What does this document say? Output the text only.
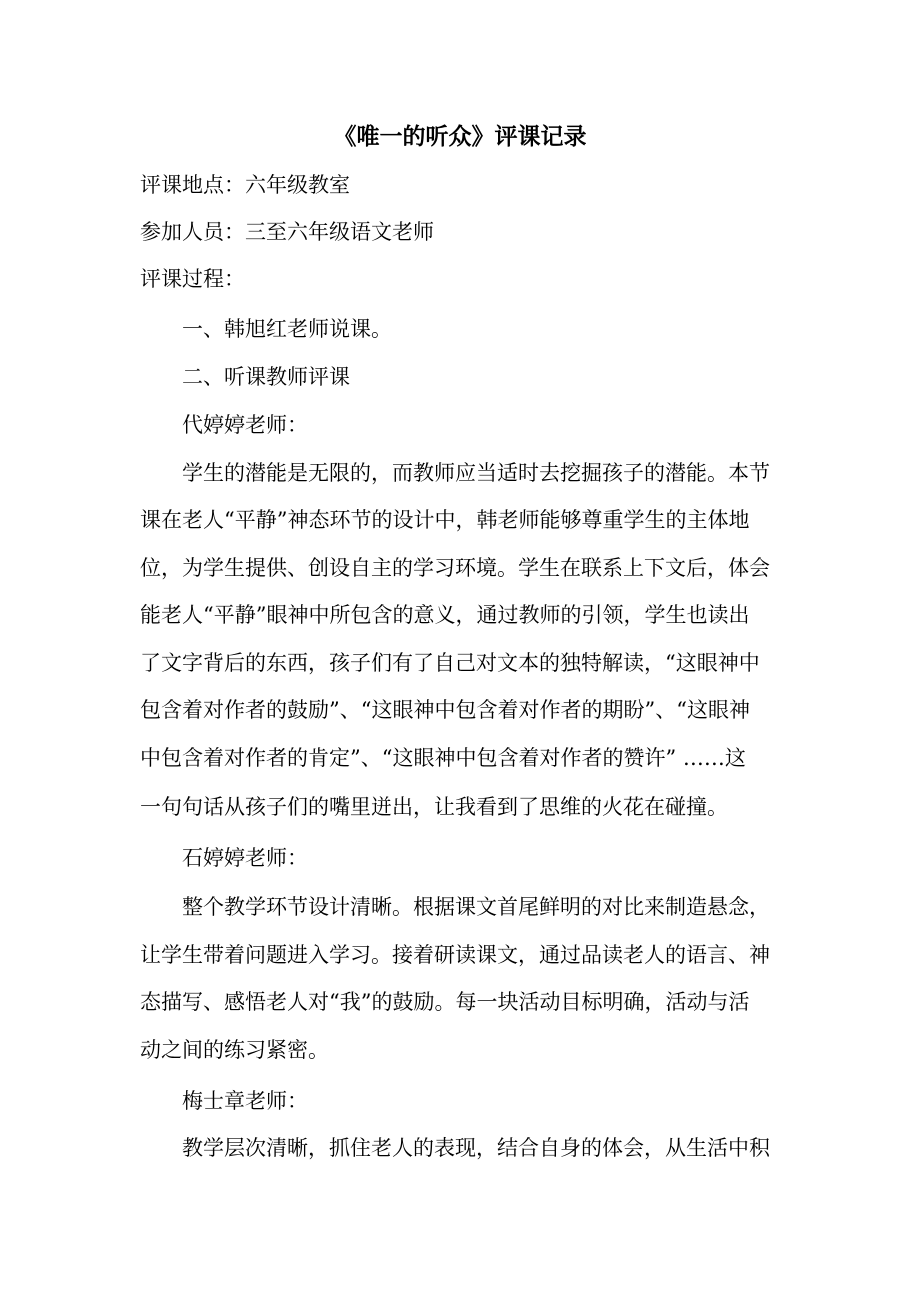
《唯一的听众》评课记录

评课地点：六年级教室

参加人员：三至六年级语文老师

评课过程：

一、韩旭红老师说课。

二、听课教师评课

代婷婷老师：

学生的潜能是无限的，而教师应当适时去挖掘孩子的潜能。本节

课在老人“平静”神态环节的设计中，韩老师能够尊重学生的主体地

位，为学生提供、创设自主的学习环境。学生在联系上下文后，体会

能老人“平静”眼神中所包含的意义，通过教师的引领，学生也读出

了文字背后的东西，孩子们有了自己对文本的独特解读，“这眼神中

包含着对作者的鼓励”、“这眼神中包含着对作者的期盼”、“这眼神

中包含着对作者的肯定”、“这眼神中包含着对作者的赞许” ……这

一句句话从孩子们的嘴里迸出，让我看到了思维的火花在碰撞。

石婷婷老师：

整个教学环节设计清晰。根据课文首尾鲜明的对比来制造悬念，

让学生带着问题进入学习。接着研读课文，通过品读老人的语言、神

态描写、感悟老人对“我”的鼓励。每一块活动目标明确，活动与活

动之间的练习紧密。

梅士章老师：

教学层次清晰，抓住老人的表现，结合自身的体会，从生活中积
